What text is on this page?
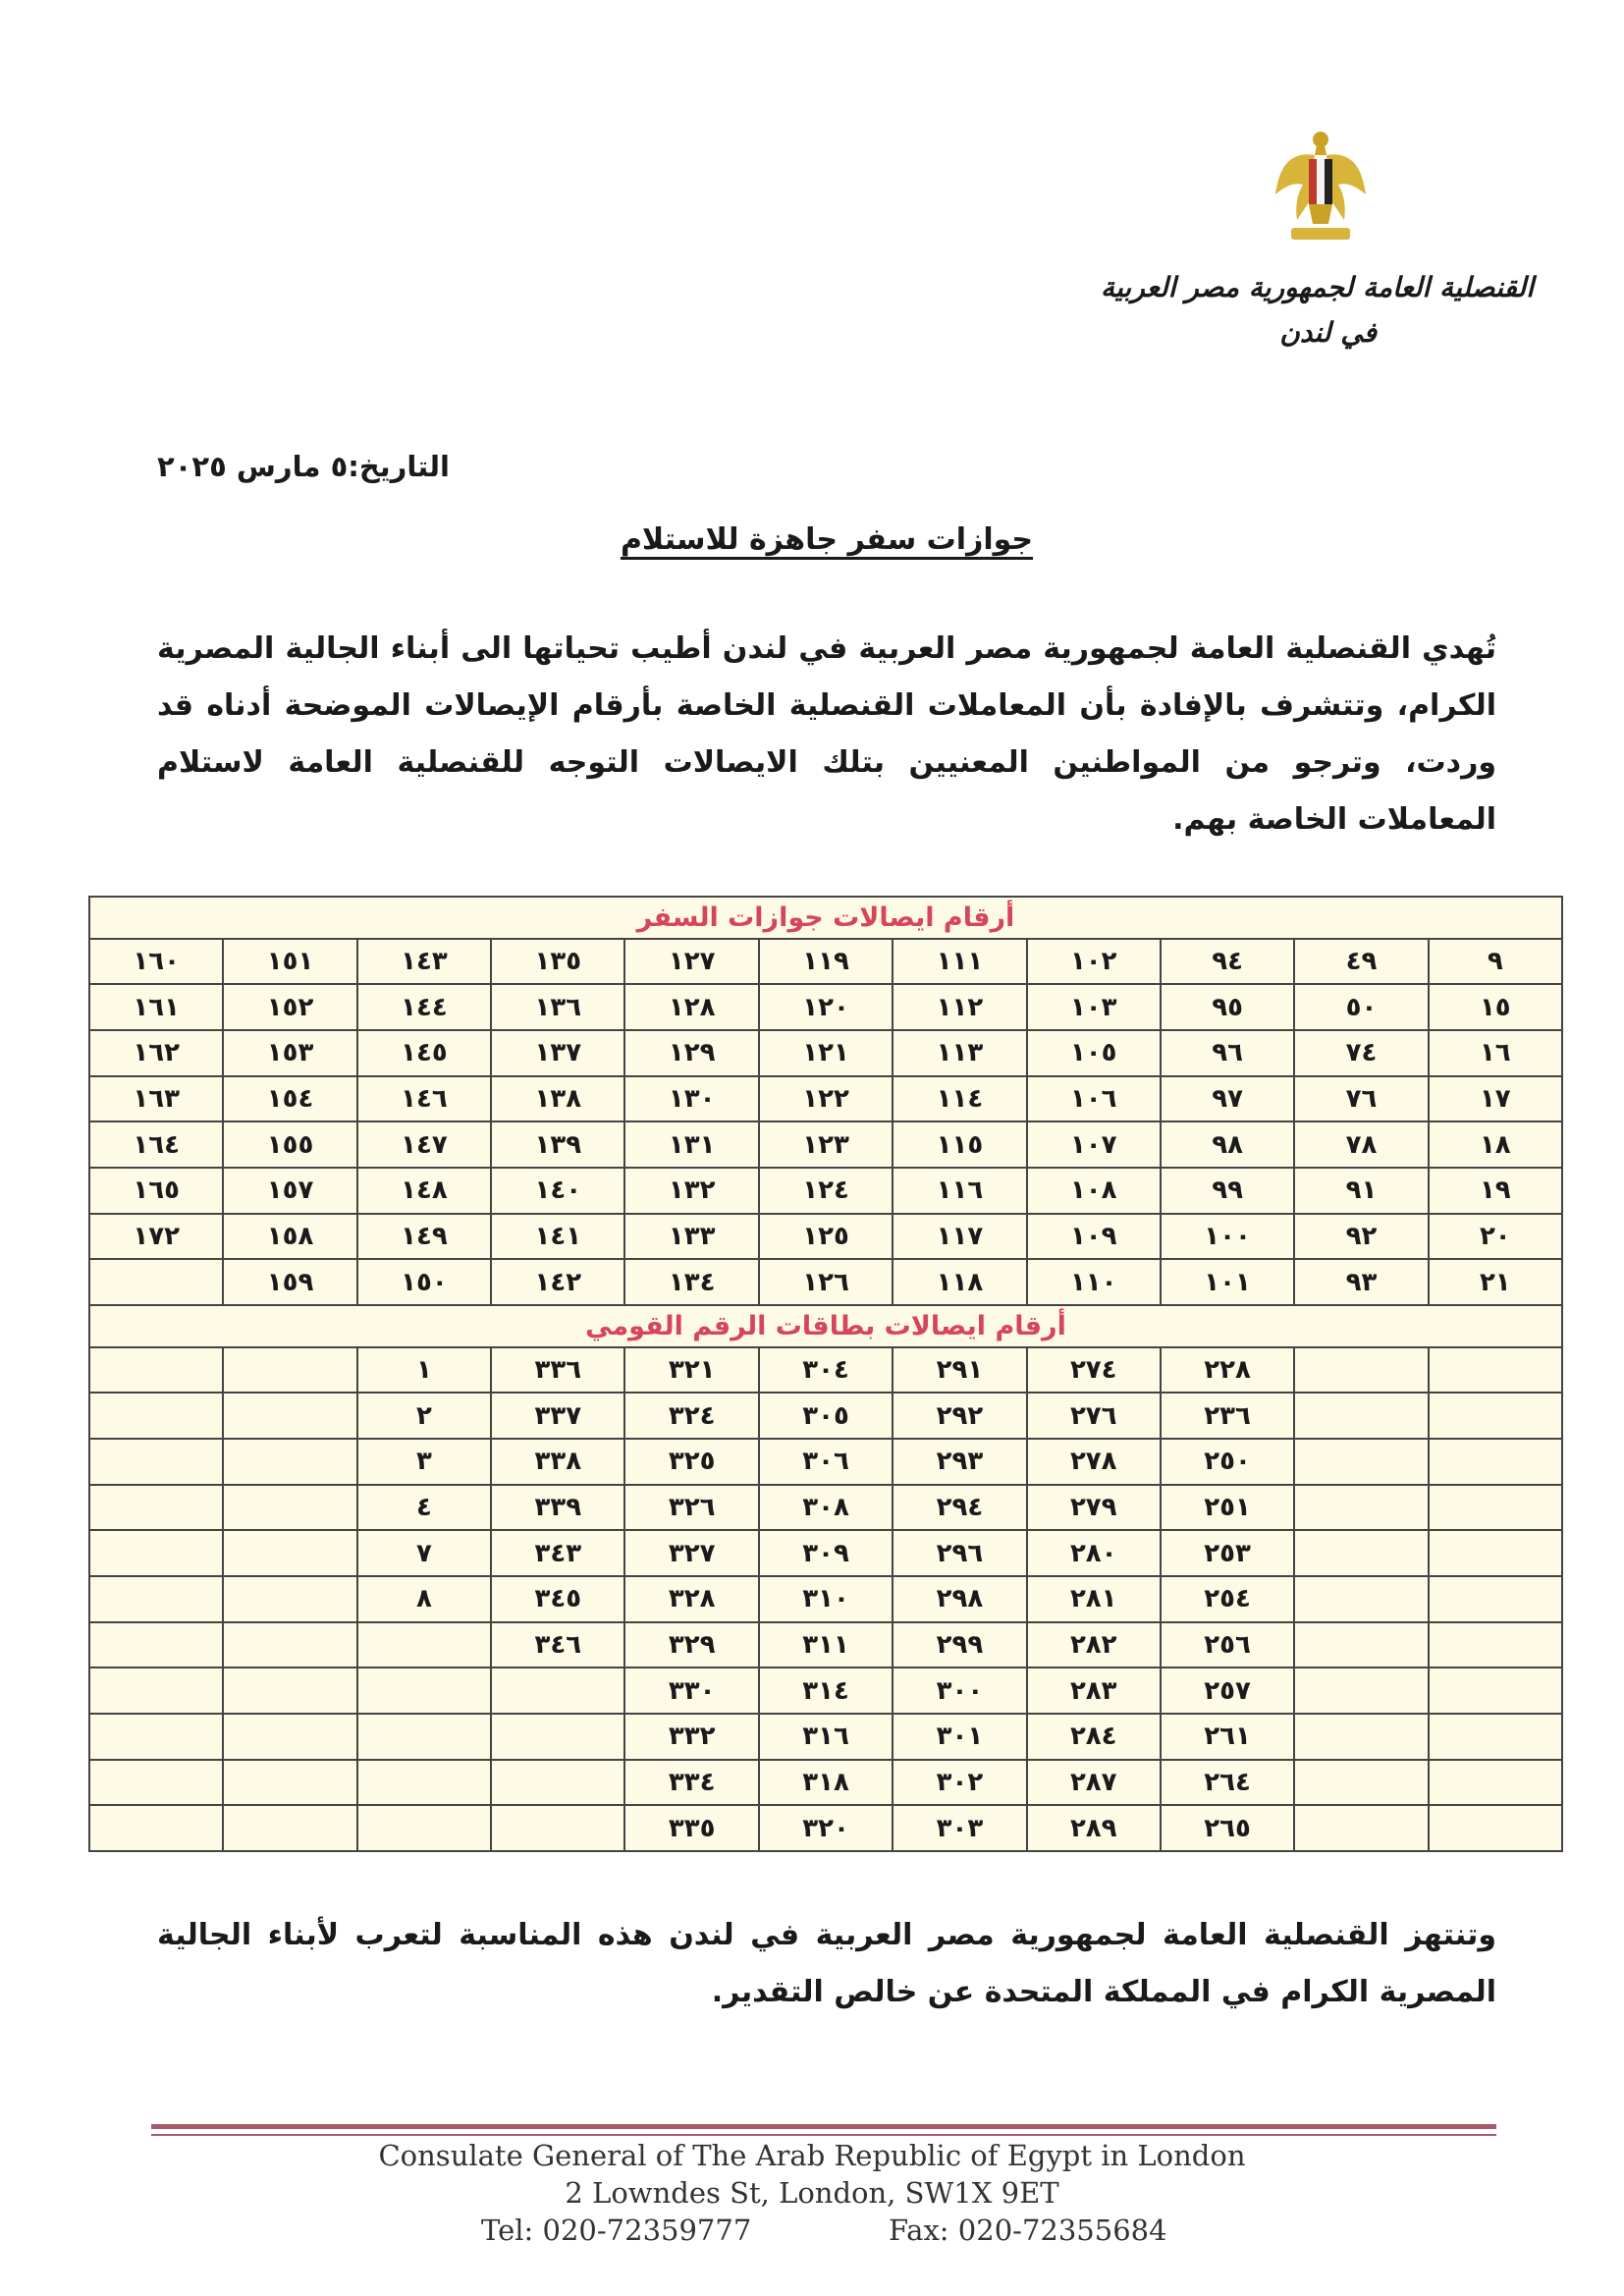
القنصلية العامة لجمهورية مصر العربية
في لندن
التاريخ:٥ مارس ٢٠٢٥
جوازات سفر جاهزة للاستلام
تُهدي القنصلية العامة لجمهورية مصر العربية في لندن أطيب تحياتها الى أبناء الجالية المصرية الكرام، وتتشرف بالإفادة بأن المعاملات القنصلية الخاصة بأرقام الإيصالات الموضحة أدناه قد وردت، وترجو من المواطنين المعنيين بتلك الايصالات التوجه للقنصلية العامة لاستلام المعاملات الخاصة بهم.
أرقام ايصالات جوازات السفر										
٩	٤٩	٩٤	١٠٢	١١١	١١٩	١٢٧	١٣٥	١٤٣	١٥١	١٦٠
١٥	٥٠	٩٥	١٠٣	١١٢	١٢٠	١٢٨	١٣٦	١٤٤	١٥٢	١٦١
١٦	٧٤	٩٦	١٠٥	١١٣	١٢١	١٢٩	١٣٧	١٤٥	١٥٣	١٦٢
١٧	٧٦	٩٧	١٠٦	١١٤	١٢٢	١٣٠	١٣٨	١٤٦	١٥٤	١٦٣
١٨	٧٨	٩٨	١٠٧	١١٥	١٢٣	١٣١	١٣٩	١٤٧	١٥٥	١٦٤
١٩	٩١	٩٩	١٠٨	١١٦	١٢٤	١٣٢	١٤٠	١٤٨	١٥٧	١٦٥
٢٠	٩٢	١٠٠	١٠٩	١١٧	١٢٥	١٣٣	١٤١	١٤٩	١٥٨	١٧٢
٢١	٩٣	١٠١	١١٠	١١٨	١٢٦	١٣٤	١٤٢	١٥٠	١٥٩	
أرقام ايصالات بطاقات الرقم القومي										
		٢٢٨	٢٧٤	٢٩١	٣٠٤	٣٢١	٣٣٦	١		
		٢٣٦	٢٧٦	٢٩٢	٣٠٥	٣٢٤	٣٣٧	٢		
		٢٥٠	٢٧٨	٢٩٣	٣٠٦	٣٢٥	٣٣٨	٣		
		٢٥١	٢٧٩	٢٩٤	٣٠٨	٣٢٦	٣٣٩	٤		
		٢٥٣	٢٨٠	٢٩٦	٣٠٩	٣٢٧	٣٤٣	٧		
		٢٥٤	٢٨١	٢٩٨	٣١٠	٣٢٨	٣٤٥	٨		
		٢٥٦	٢٨٢	٢٩٩	٣١١	٣٢٩	٣٤٦			
		٢٥٧	٢٨٣	٣٠٠	٣١٤	٣٣٠				
		٢٦١	٢٨٤	٣٠١	٣١٦	٣٣٢				
		٢٦٤	٢٨٧	٣٠٢	٣١٨	٣٣٤				
		٢٦٥	٢٨٩	٣٠٣	٣٢٠	٣٣٥				
وتنتهز القنصلية العامة لجمهورية مصر العربية في لندن هذه المناسبة لتعرب لأبناء الجالية المصرية الكرام في المملكة المتحدة عن خالص التقدير.
Consulate General of The Arab Republic of Egypt in London
2 Lowndes St, London, SW1X 9ET
Tel: 020-72359777	Fax: 020-72355684
